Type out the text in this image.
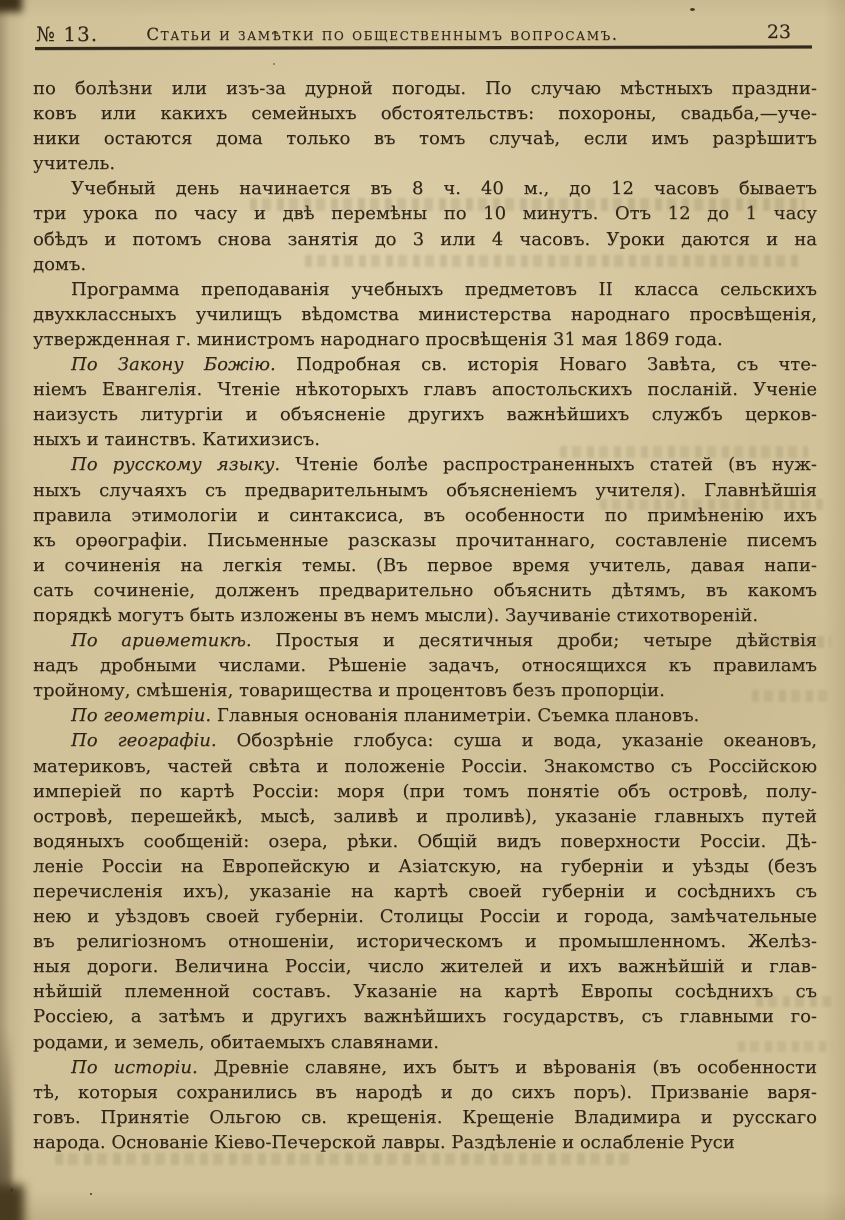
№ 13.	Статьи и замѣтки по общественнымъ вопросамъ.	23
по болѣзни или изъ-за дурной погоды. По случаю мѣстныхъ праздни-
ковъ или какихъ семейныхъ обстоятельствъ: похороны, свадьба,—уче-
ники остаются дома только въ томъ случаѣ, если имъ разрѣшитъ
учитель.
Учебный день начинается въ 8 ч. 40 м., до 12 часовъ бываетъ
три урока по часу и двѣ перемѣны по 10 минутъ. Отъ 12 до 1 часу
обѣдъ и потомъ снова занятія до 3 или 4 часовъ. Уроки даются и на
домъ.
Программа преподаванія учебныхъ предметовъ II класса сельскихъ
двухклассныхъ училищъ вѣдомства министерства народнаго просвѣщенія,
утвержденная г. министромъ народнаго просвѣщенія 31 мая 1869 года.
По Закону Божію. Подробная св. исторія Новаго Завѣта, съ чте-
ніемъ Евангелія. Чтеніе нѣкоторыхъ главъ апостольскихъ посланій. Ученіе
наизусть литургіи и объясненіе другихъ важнѣйшихъ службъ церков-
ныхъ и таинствъ. Катихизисъ.
По русскому языку. Чтеніе болѣе распространенныхъ статей (въ нуж-
ныхъ случаяхъ съ предварительнымъ объясненіемъ учителя). Главнѣйшія
правила этимологіи и синтаксиса, въ особенности по примѣненію ихъ
къ орѳографіи. Письменные разсказы прочитаннаго, составленіе писемъ
и сочиненія на легкія темы. (Въ первое время учитель, давая напи-
сать сочиненіе, долженъ предварительно объяснить дѣтямъ, въ какомъ
порядкѣ могутъ быть изложены въ немъ мысли). Заучиваніе стихотвореній.
По ариѳметикѣ. Простыя и десятичныя дроби; четыре дѣйствія
надъ дробными числами. Рѣшеніе задачъ, относящихся къ правиламъ
тройному, смѣшенія, товарищества и процентовъ безъ пропорціи.
По геометріи. Главныя основанія планиметріи. Съемка плановъ.
По географіи. Обозрѣніе глобуса: суша и вода, указаніе океановъ,
материковъ, частей свѣта и положеніе Россіи. Знакомство съ Россійскою
имперіей по картѣ Россіи: моря (при томъ понятіе объ островѣ, полу-
островѣ, перешейкѣ, мысѣ, заливѣ и проливѣ), указаніе главныхъ путей
водяныхъ сообщеній: озера, рѣки. Общій видъ поверхности Россіи. Дѣ-
леніе Россіи на Европейскую и Азіатскую, на губерніи и уѣзды (безъ
перечисленія ихъ), указаніе на картѣ своей губерніи и сосѣднихъ съ
нею и уѣздовъ своей губерніи. Столицы Россіи и города, замѣчательные
въ религіозномъ отношеніи, историческомъ и промышленномъ. Желѣз-
ныя дороги. Величина Россіи, число жителей и ихъ важнѣйшій и глав-
нѣйшій племенной составъ. Указаніе на картѣ Европы сосѣднихъ съ
Россіею, а затѣмъ и другихъ важнѣйшихъ государствъ, съ главными го-
родами, и земель, обитаемыхъ славянами.
По исторіи. Древніе славяне, ихъ бытъ и вѣрованія (въ особенности
тѣ, которыя сохранились въ народѣ и до сихъ поръ). Призваніе варя-
говъ. Принятіе Ольгою св. крещенія. Крещеніе Владимира и русскаго
народа. Основаніе Кіево-Печерской лавры. Раздѣленіе и ослабленіе Руси
